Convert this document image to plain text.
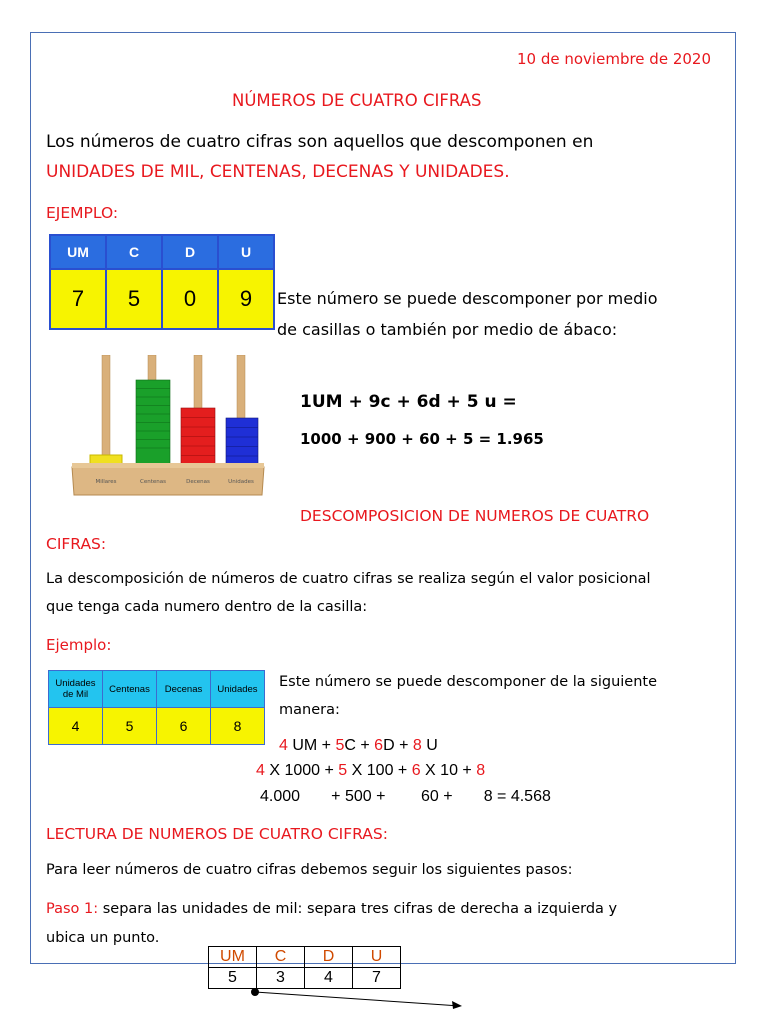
10 de noviembre de 2020
NÚMEROS DE CUATRO CIFRAS
Los números de cuatro cifras son aquellos que descomponen en
UNIDADES DE MIL, CENTENAS, DECENAS Y UNIDADES.
EJEMPLO:
UM	C	D	U
7	5	0	9 Este número se puede descomponer por medio
de casillas o también por medio de ábaco:
Millares	Centenas	Decenas	Unidades
1UM + 9c + 6d + 5 u =
1000 + 900 + 60 + 5 = 1.965
DESCOMPOSICION DE NUMEROS DE CUATRO
CIFRAS:
La descomposición de números de cuatro cifras se realiza según el valor posicional
que tenga cada numero dentro de la casilla:
Ejemplo:
Unidades de Mil	Centenas	Decenas	Unidades
4	5	6	8
Este número se puede descomponer de la siguiente
manera:
4 UM + 5C + 6D + 8 U
4 X 1000 + 5 X 100 + 6 X 10 + 8
4.000       + 500 +        60 +       8 = 4.568
LECTURA DE NUMEROS DE CUATRO CIFRAS:
Para leer números de cuatro cifras debemos seguir los siguientes pasos:
Paso 1: separa las unidades de mil: separa tres cifras de derecha a izquierda y
ubica un punto.
UM	C	D	U
5	3	4	7
